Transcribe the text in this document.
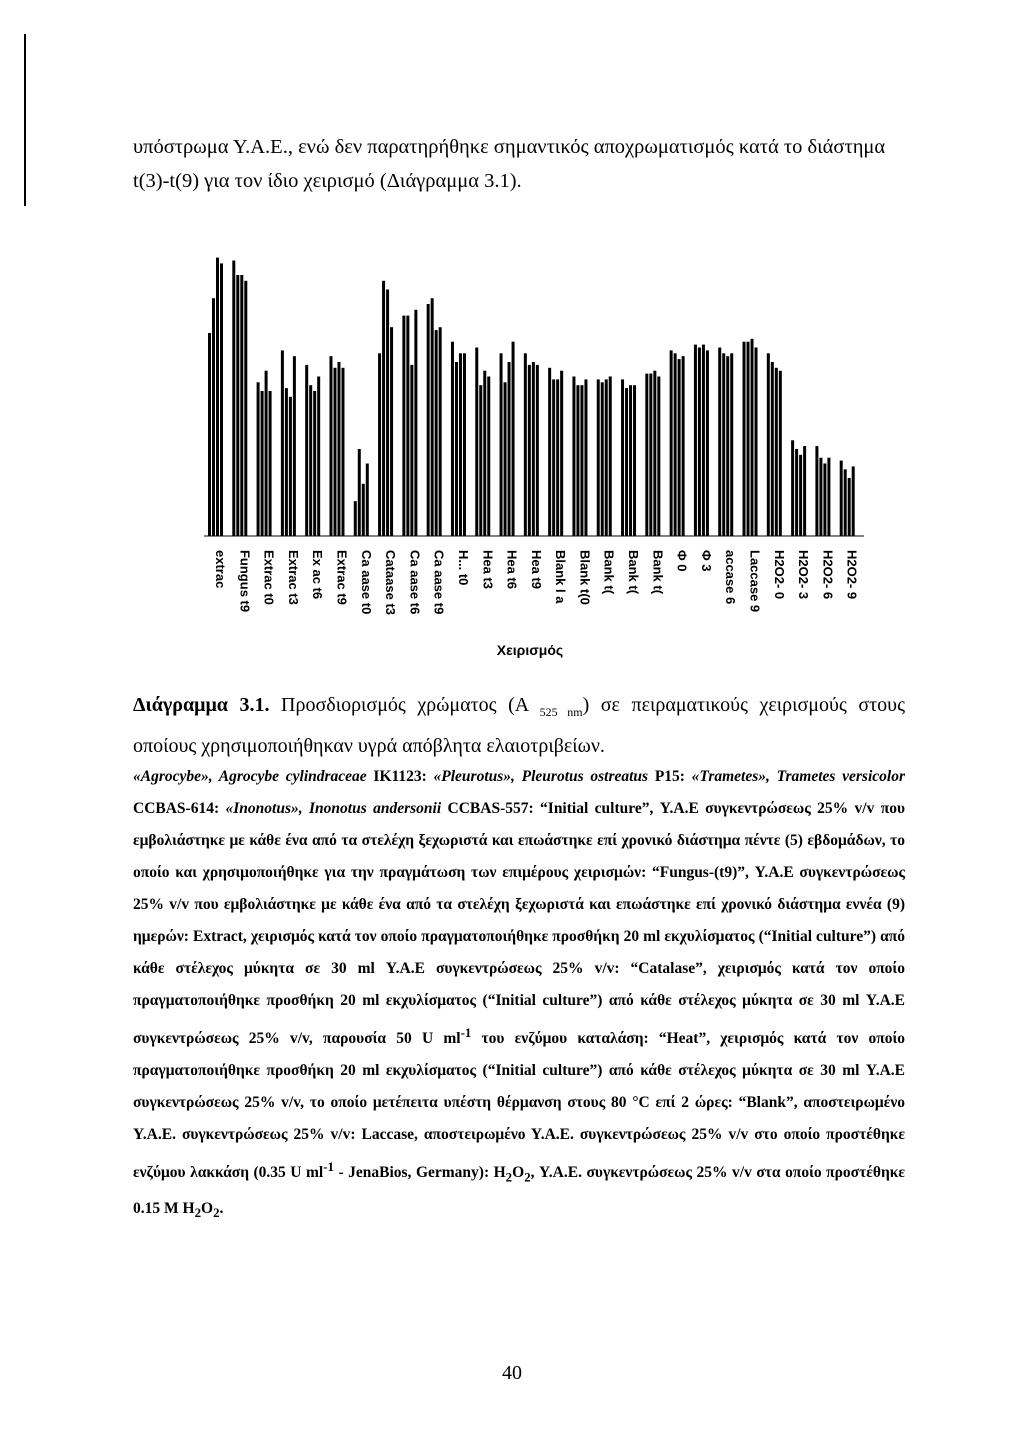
υπόστρωμα Υ.Α.Ε., ενώ δεν παρατηρήθηκε σημαντικός αποχρωματισμός κατά το διάστημα
t(3)-t(9) για τον ίδιο χειρισμό (Διάγραμμα 3.1).
extrac Fungus t9 Extrac t0 Extrac t3 Ex ac t6 Extrac t9 Ca aase t0 Cataase t3 Ca aase t6 Ca aase t9 H... t0 Hea t3 Hea t6 Hea t9 Blank l a Blank t(0 Bank t( Bank t( Bank t( Φ 0 Φ 3 accase 6 Laccase 9 H2O2- 0 H2O2- 3 H2O2- 6 H2O2- 9
Χειρισμός
Διάγραμμα 3.1. Προσδιορισμός χρώματος (A $_{525 nm}$) σε πειραματικούς χειρισμούς στους οποίους χρησιμοποιήθηκαν υγρά απόβλητα ελαιοτριβείων.
«Agrocybe», Agrocybe cylindraceae ΙΚ1123: «Pleurotus», Pleurotus ostreatus P15: «Trametes», Trametes versicolor CCBAS-614: «Inonotus», Inonotus andersonii CCBAS-557: “Initial culture”, Υ.Α.Ε συγκεντρώσεως 25% v/v που εμβολιάστηκε με κάθε ένα από τα στελέχη ξεχωριστά και επωάστηκε επί χρονικό διάστημα πέντε (5) εβδομάδων, το οποίο και χρησιμοποιήθηκε για την πραγμάτωση των επιμέρους χειρισμών: “Fungus-(t9)”, Υ.Α.Ε συγκεντρώσεως 25% v/v που εμβολιάστηκε με κάθε ένα από τα στελέχη ξεχωριστά και επωάστηκε επί χρονικό διάστημα εννέα (9) ημερών: Extract, χειρισμός κατά τον οποίο πραγματοποιήθηκε προσθήκη 20 ml εκχυλίσματος (“Initial culture”) από κάθε στέλεχος μύκητα σε 30 ml Υ.Α.Ε συγκεντρώσεως 25% v/v: “Catalase”, χειρισμός κατά τον οποίο πραγματοποιήθηκε προσθήκη 20 ml εκχυλίσματος (“Initial culture”) από κάθε στέλεχος μύκητα σε 30 ml Υ.Α.Ε συγκεντρώσεως 25% v/v, παρουσία 50 U $ml^{-1}$ του ενζύμου καταλάση: “Heat”, χειρισμός κατά τον οποίο πραγματοποιήθηκε προσθήκη 20 ml εκχυλίσματος (“Initial culture”) από κάθε στέλεχος μύκητα σε 30 ml Υ.Α.Ε συγκεντρώσεως 25% v/v, το οποίο μετέπειτα υπέστη θέρμανση στους 80 °C επί 2 ώρες: “Blank”, αποστειρωμένο Υ.Α.Ε. συγκεντρώσεως 25% v/v: Laccase, αποστειρωμένο Υ.Α.Ε. συγκεντρώσεως 25% v/v στο οποίο προστέθηκε ενζύμου λακκάση (0.35 U $ml^{-1}$ - JenaBios, Germany): $H_2O_2$, Υ.Α.Ε. συγκεντρώσεως 25% v/v στα οποίο προστέθηκε 0.15 M $H_2O_2$.
40
